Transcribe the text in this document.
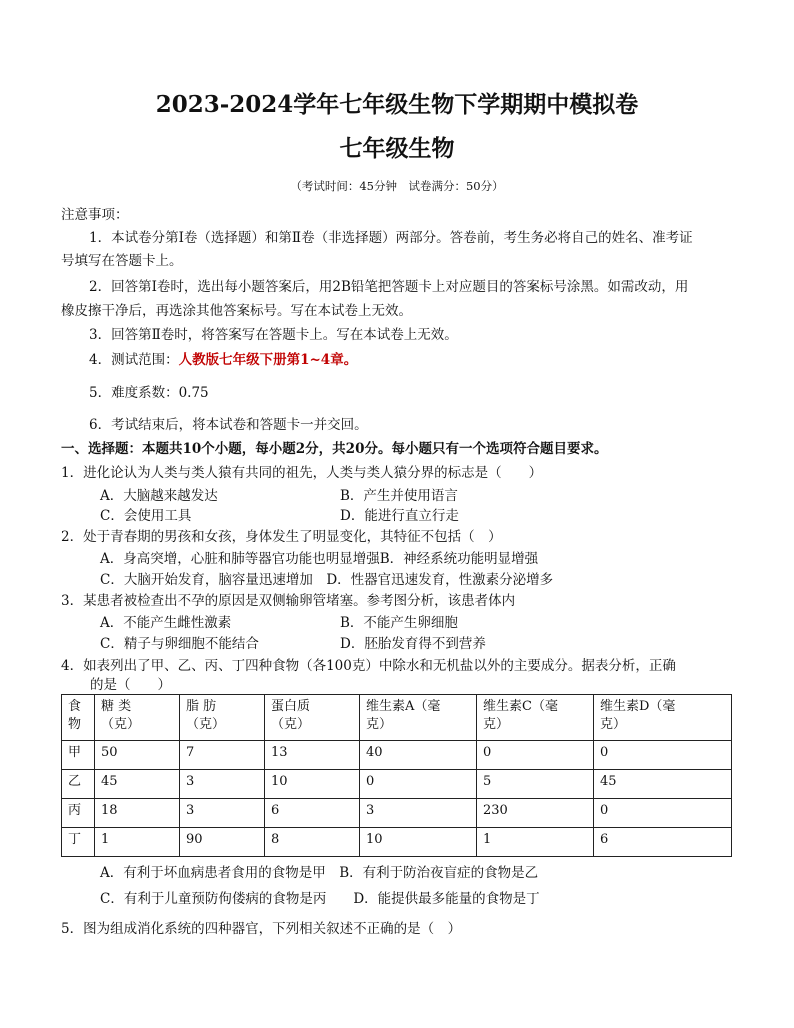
2023-2024学年七年级生物下学期期中模拟卷
七年级生物
（考试时间：45分钟　试卷满分：50分）
注意事项：
1．本试卷分第Ⅰ卷（选择题）和第Ⅱ卷（非选择题）两部分。答卷前，考生务必将自己的姓名、准考证
号填写在答题卡上。
2．回答第Ⅰ卷时，选出每小题答案后，用2B铅笔把答题卡上对应题目的答案标号涂黑。如需改动，用
橡皮擦干净后，再选涂其他答案标号。写在本试卷上无效。
3．回答第Ⅱ卷时，将答案写在答题卡上。写在本试卷上无效。
4．测试范围：人教版七年级下册第1~4章。
5．难度系数：0.75
6．考试结束后，将本试卷和答题卡一并交回。
一、选择题：本题共10个小题，每小题2分，共20分。每小题只有一个选项符合题目要求。
1．进化论认为人类与类人猿有共同的祖先，人类与类人猿分界的标志是（　　）
A．大脑越来越发达	B．产生并使用语言
C．会使用工具	D．能进行直立行走
2．处于青春期的男孩和女孩，身体发生了明显变化，其特征不包括（　）
A．身高突增，心脏和肺等器官功能也明显增强B．神经系统功能明显增强
C．大脑开始发育，脑容量迅速增加　D．性器官迅速发育，性激素分泌增多
3．某患者被检查出不孕的原因是双侧输卵管堵塞。参考图分析，该患者体内
A．不能产生雌性激素	B．不能产生卵细胞
C．精子与卵细胞不能结合	D．胚胎发育得不到营养
4．如表列出了甲、乙、丙、丁四种食物（各100克）中除水和无机盐以外的主要成分。据表分析，正确
的是（　　）
食
物	糖 类
（克）	脂 肪
（克）	蛋白质
（克）	维生素A（毫
克）	维生素C（毫
克）	维生素D（毫
克）
甲	50	7	13	40	0	0
乙	45	3	10	0	5	45
丙	18	3	6	3	230	0
丁	1	90	8	10	1	6
A．有利于坏血病患者食用的食物是甲　B．有利于防治夜盲症的食物是乙
C．有利于儿童预防佝偻病的食物是丙　　D．能提供最多能量的食物是丁
5．图为组成消化系统的四种器官，下列相关叙述不正确的是（　）
